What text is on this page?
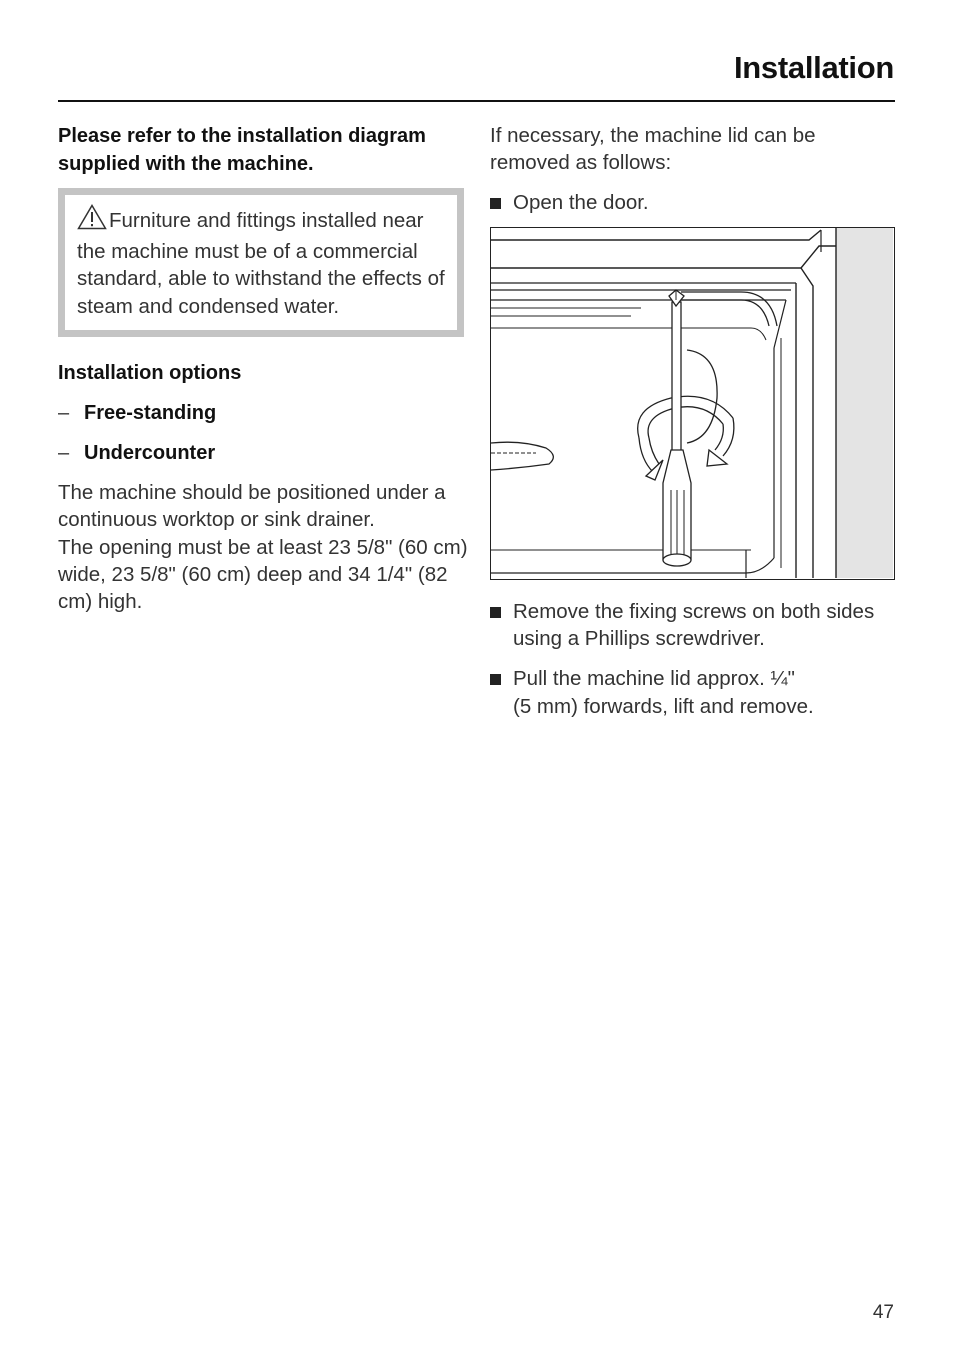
Installation

Please refer to the installation diagram supplied with the machine.

Furniture and fittings installed near the machine must be of a commercial standard, able to withstand the effects of steam and condensed water.

Installation options
– Free-standing
– Undercounter

The machine should be positioned under a continuous worktop or sink drainer.

The opening must be at least 23 5/8" (60 cm) wide, 23 5/8" (60 cm) deep and 34 1/4" (82 cm) high.

If necessary, the machine lid can be removed as follows:

Open the door.
Remove the fixing screws on both sides using a Phillips screwdriver.
Pull the machine lid approx. ¼"
(5 mm) forwards, lift and remove.
47
